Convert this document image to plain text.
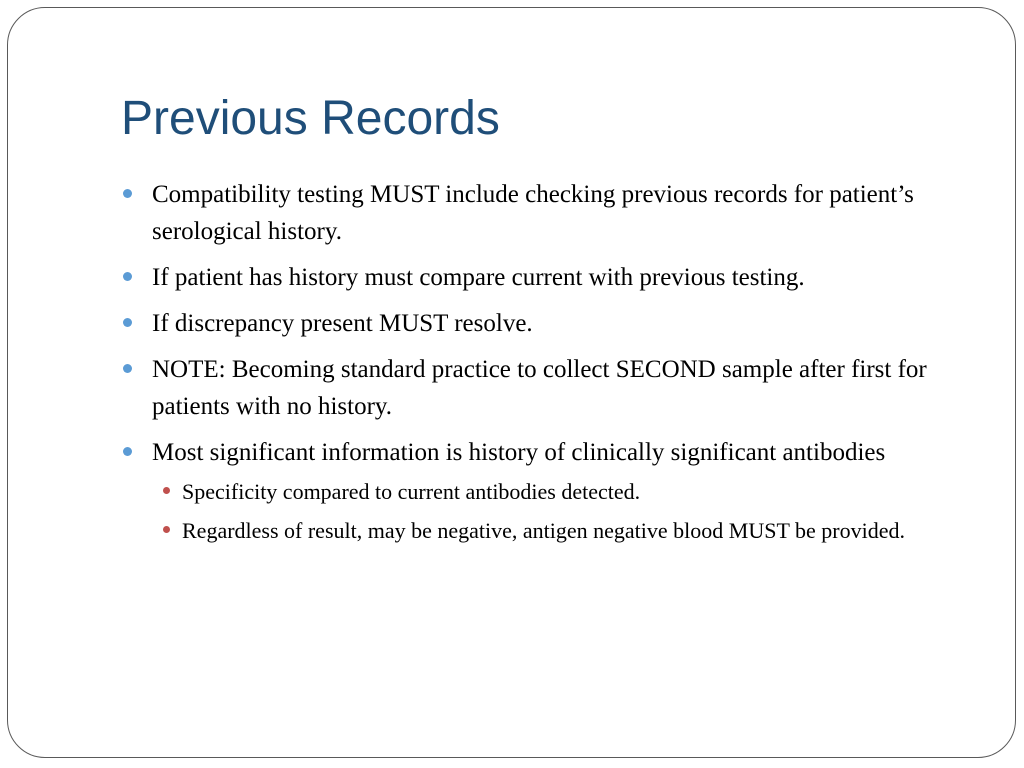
Previous Records
Compatibility testing MUST include checking previous records for patient’s serological history.
If patient has history must compare current with previous testing.
If discrepancy present MUST resolve.
NOTE: Becoming standard practice to collect SECOND sample after first for patients with no history.
Most significant information is history of clinically significant antibodies
Specificity compared to current antibodies detected.
Regardless of result, may be negative, antigen negative blood MUST be provided.
